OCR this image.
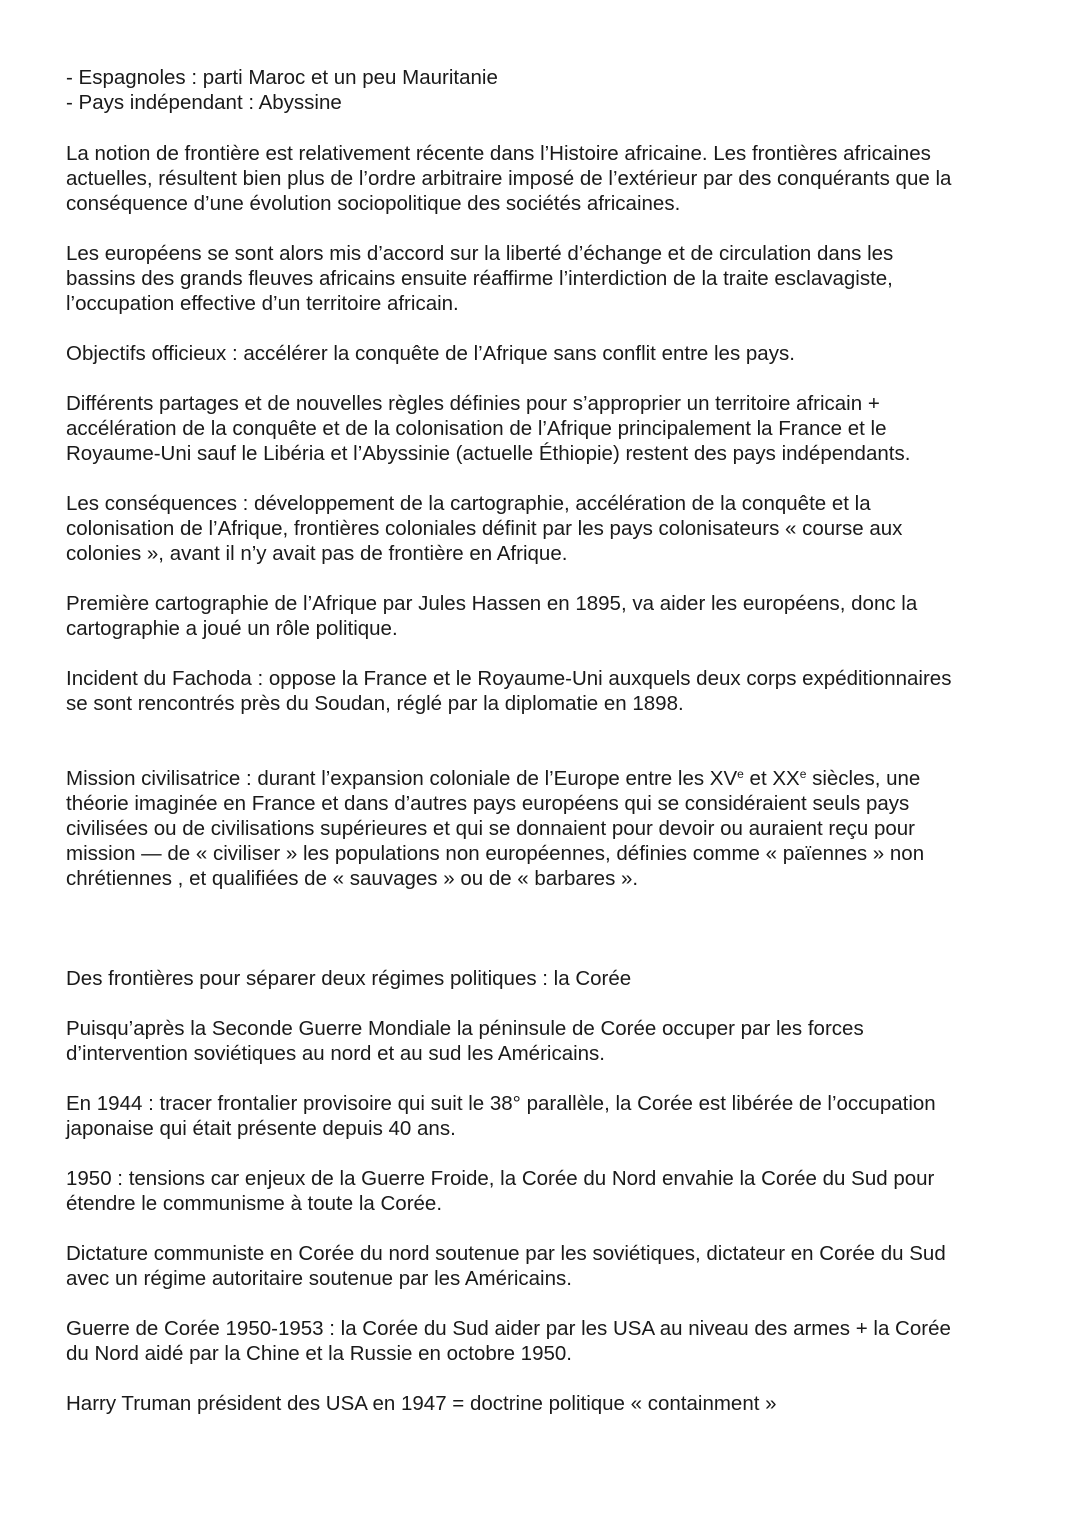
- Espagnoles : parti Maroc et un peu Mauritanie
- Pays indépendant : Abyssine
La notion de frontière est relativement récente dans l’Histoire africaine. Les frontières africaines
actuelles, résultent bien plus de l’ordre arbitraire imposé de l’extérieur par des conquérants que la
conséquence d’une évolution sociopolitique des sociétés africaines.
Les européens se sont alors mis d’accord sur la liberté d’échange et de circulation dans les
bassins des grands fleuves africains ensuite réaffirme l’interdiction de la traite esclavagiste,
l’occupation effective d’un territoire africain.
Objectifs officieux : accélérer la conquête de l’Afrique sans conflit entre les pays.
Différents partages et de nouvelles règles définies pour s’approprier un territoire africain +
accélération de la conquête et de la colonisation de l’Afrique principalement la France et le
Royaume-Uni sauf le Libéria et l’Abyssinie (actuelle Éthiopie) restent des pays indépendants.
Les conséquences : développement de la cartographie, accélération de la conquête et la
colonisation de l’Afrique, frontières coloniales définit par les pays colonisateurs « course aux
colonies », avant il n’y avait pas de frontière en Afrique.
Première cartographie de l’Afrique par Jules Hassen en 1895, va aider les européens, donc la
cartographie a joué un rôle politique.
Incident du Fachoda : oppose la France et le Royaume-Uni auxquels deux corps expéditionnaires
se sont rencontrés près du Soudan, réglé par la diplomatie en 1898.
Mission civilisatrice : durant l’expansion coloniale de l’Europe entre les XVe et XXe siècles, une
théorie imaginée en France et dans d’autres pays européens qui se considéraient seuls pays
civilisées ou de civilisations supérieures et qui se donnaient pour devoir ou auraient reçu pour
mission — de « civiliser » les populations non européennes, définies comme « païennes » non
chrétiennes , et qualifiées de « sauvages » ou de « barbares ».
Des frontières pour séparer deux régimes politiques : la Corée
Puisqu’après la Seconde Guerre Mondiale la péninsule de Corée occuper par les forces
d’intervention soviétiques au nord et au sud les Américains.
En 1944 : tracer frontalier provisoire qui suit le 38° parallèle, la Corée est libérée de l’occupation
japonaise qui était présente depuis 40 ans.
1950 : tensions car enjeux de la Guerre Froide, la Corée du Nord envahie la Corée du Sud pour
étendre le communisme à toute la Corée.
Dictature communiste en Corée du nord soutenue par les soviétiques, dictateur en Corée du Sud
avec un régime autoritaire soutenue par les Américains.
Guerre de Corée 1950-1953 : la Corée du Sud aider par les USA au niveau des armes + la Corée
du Nord aidé par la Chine et la Russie en octobre 1950.
Harry Truman président des USA en 1947 = doctrine politique « containment »
